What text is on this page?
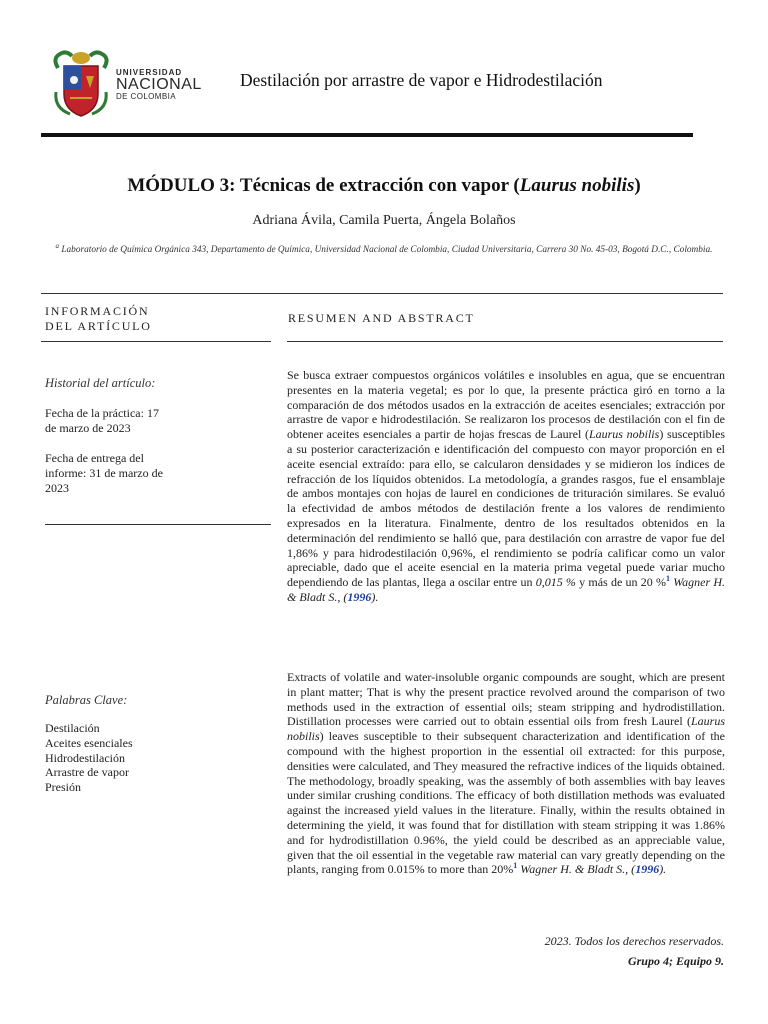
UNIVERSIDAD
NACIONAL
DE COLOMBIA
Destilación por arrastre de vapor e Hidrodestilación
MÓDULO 3: Técnicas de extracción con vapor (Laurus nobilis)
Adriana Ávila, Camila Puerta, Ángela Bolaños
$^a$ Laboratorio de Química Orgánica 343, Departamento de Química, Universidad Nacional de Colombia, Ciudad Universitaria, Carrera 30 No. 45-03, Bogotá D.C., Colombia.
INFORMACIÓN
DEL ARTÍCULO
RESUMEN AND ABSTRACT
Historial del artículo:
Fecha de la práctica: 17 de marzo de 2023
Fecha de entrega del informe: 31 de marzo de 2023
Palabras Clave:
Destilación
Aceites esenciales
Hidrodestilación
Arrastre de vapor
Presión
Se busca extraer compuestos orgánicos volátiles e insolubles en agua, que se encuentran presentes en la materia vegetal; es por lo que, la presente práctica giró en torno a la comparación de dos métodos usados en la extracción de aceites esenciales; extracción por arrastre de vapor e hidrodestilación. Se realizaron los procesos de destilación con el fin de obtener aceites esenciales a partir de hojas frescas de Laurel (Laurus nobilis) susceptibles a su posterior caracterización e identificación del compuesto con mayor proporción en el aceite esencial extraído: para ello, se calcularon densidades y se midieron los índices de refracción de los líquidos obtenidos. La metodología, a grandes rasgos, fue el ensamblaje de ambos montajes con hojas de laurel en condiciones de trituración similares. Se evaluó la efectividad de ambos métodos de destilación frente a los valores de rendimiento expresados en la literatura. Finalmente, dentro de los resultados obtenidos en la determinación del rendimiento se halló que, para destilación con arrastre de vapor fue del 1,86% y para hidrodestilación 0,96%, el rendimiento se podría calificar como un valor apreciable, dado que el aceite esencial en la materia prima vegetal puede variar mucho dependiendo de las plantas, llega a oscilar entre un 0,015 % y más de un 20 %$^1$ Wagner H. & Bladt S., (1996).
Extracts of volatile and water-insoluble organic compounds are sought, which are present in plant matter; That is why the present practice revolved around the comparison of two methods used in the extraction of essential oils; steam stripping and hydrodistillation. Distillation processes were carried out to obtain essential oils from fresh Laurel (Laurus nobilis) leaves susceptible to their subsequent characterization and identification of the compound with the highest proportion in the essential oil extracted: for this purpose, densities were calculated, and They measured the refractive indices of the liquids obtained. The methodology, broadly speaking, was the assembly of both assemblies with bay leaves under similar crushing conditions. The efficacy of both distillation methods was evaluated against the increased yield values in the literature. Finally, within the results obtained in determining the yield, it was found that for distillation with steam stripping it was 1.86% and for hydrodistillation 0.96%, the yield could be described as an appreciable value, given that the oil essential in the vegetable raw material can vary greatly depending on the plants, ranging from 0.015% to more than 20%$^1$ Wagner H. & Bladt S., (1996).
2023. Todos los derechos reservados.
Grupo 4; Equipo 9.
